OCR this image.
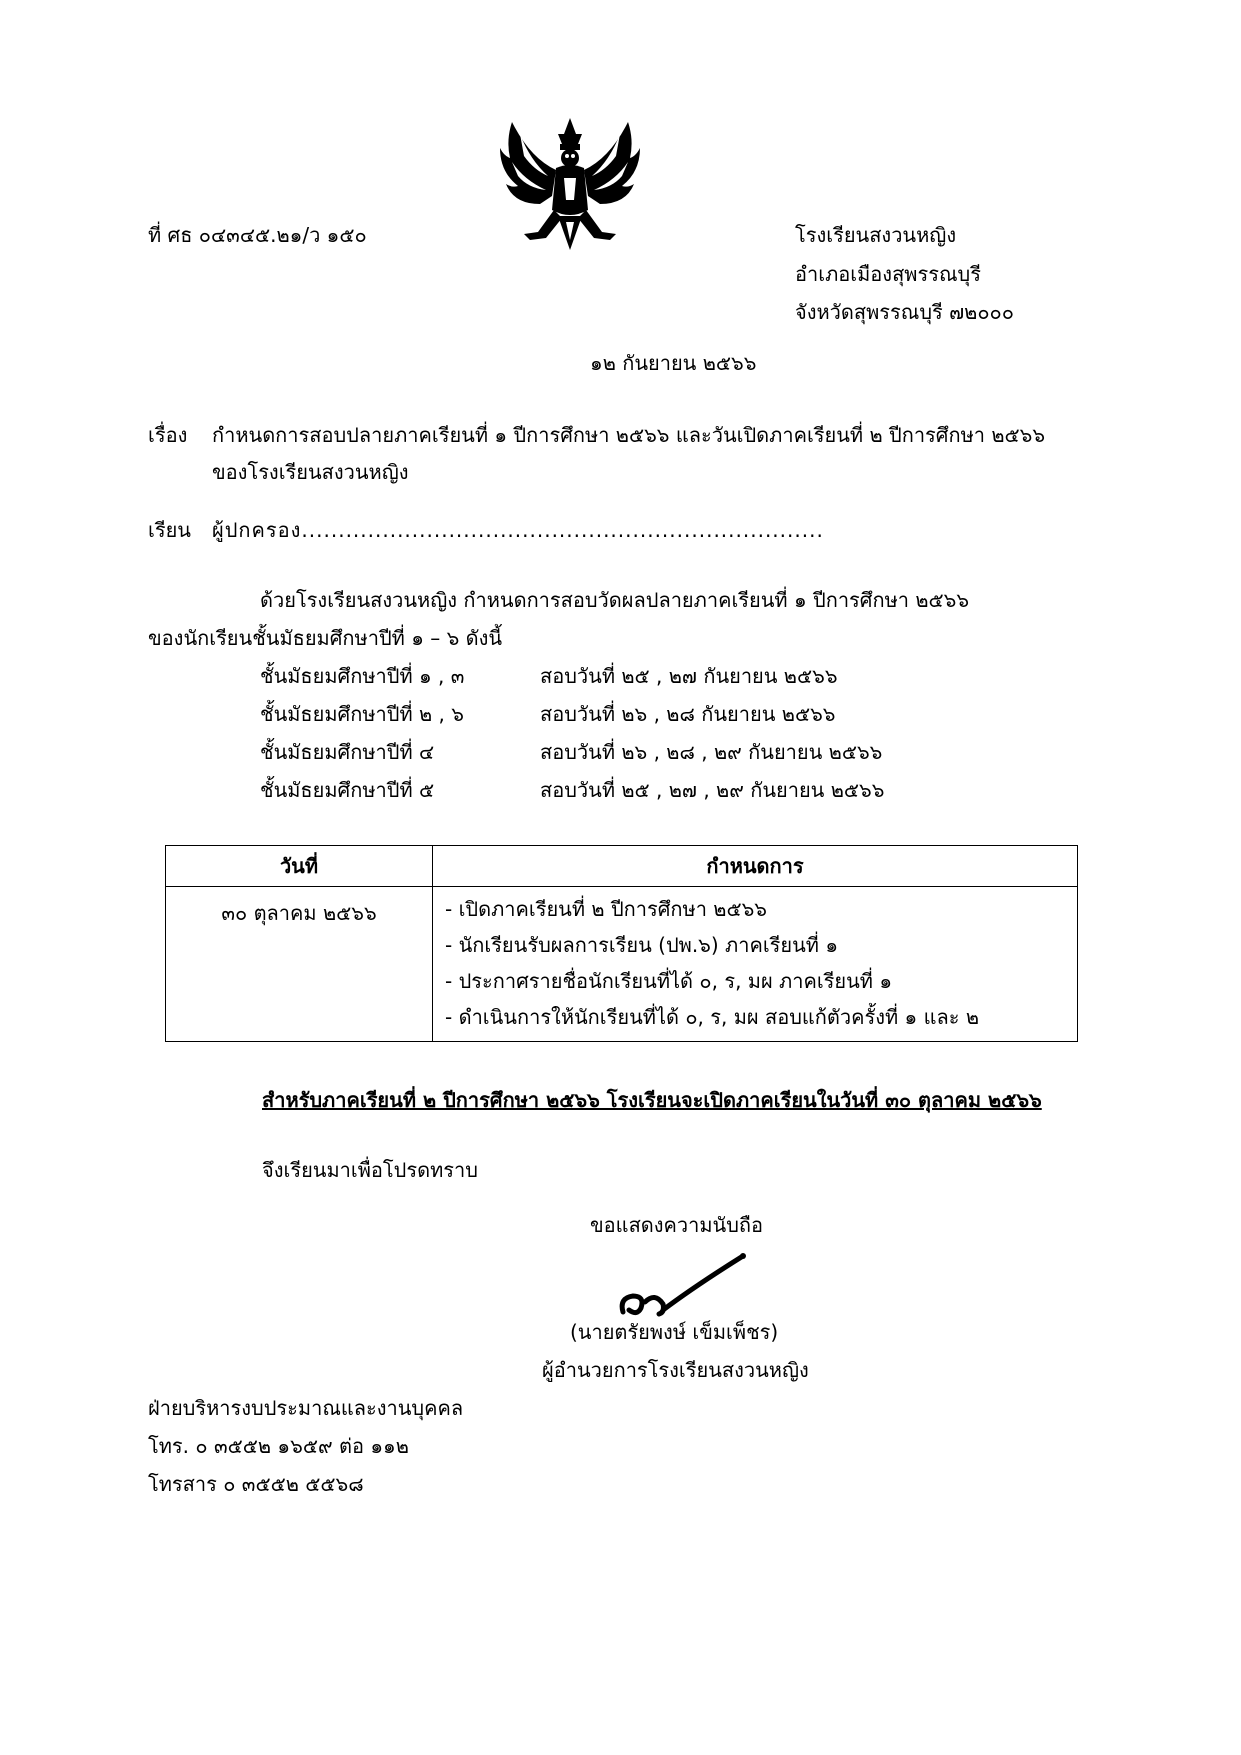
ที่ ศธ ๐๔๓๔๕.๒๑/ว ๑๕๐	โรงเรียนสงวนหญิง
อำเภอเมืองสุพรรณบุรี
จังหวัดสุพรรณบุรี ๗๒๐๐๐
๑๒ กันยายน ๒๕๖๖
เรื่อง กำหนดการสอบปลายภาคเรียนที่ ๑ ปีการศึกษา ๒๕๖๖ และวันเปิดภาคเรียนที่ ๒ ปีการศึกษา ๒๕๖๖
ของโรงเรียนสงวนหญิง
เรียน ผู้ปกครอง.......................................................................
ด้วยโรงเรียนสงวนหญิง กำหนดการสอบวัดผลปลายภาคเรียนที่ ๑ ปีการศึกษา ๒๕๖๖
ของนักเรียนชั้นมัธยมศึกษาปีที่ ๑ – ๖ ดังนี้
ชั้นมัธยมศึกษาปีที่ ๑ , ๓	สอบวันที่ ๒๕ , ๒๗ กันยายน ๒๕๖๖
ชั้นมัธยมศึกษาปีที่ ๒ , ๖	สอบวันที่ ๒๖ , ๒๘ กันยายน ๒๕๖๖
ชั้นมัธยมศึกษาปีที่ ๔	สอบวันที่ ๒๖ , ๒๘ , ๒๙ กันยายน ๒๕๖๖
ชั้นมัธยมศึกษาปีที่ ๕	สอบวันที่ ๒๕ , ๒๗ , ๒๙ กันยายน ๒๕๖๖
วันที่	กำหนดการ
๓๐ ตุลาคม ๒๕๖๖	- เปิดภาคเรียนที่ ๒ ปีการศึกษา ๒๕๖๖
- นักเรียนรับผลการเรียน (ปพ.๖) ภาคเรียนที่ ๑
- ประกาศรายชื่อนักเรียนที่ได้ ๐, ร, มผ ภาคเรียนที่ ๑
- ดำเนินการให้นักเรียนที่ได้ ๐, ร, มผ สอบแก้ตัวครั้งที่ ๑ และ ๒
สำหรับภาคเรียนที่ ๒ ปีการศึกษา ๒๕๖๖ โรงเรียนจะเปิดภาคเรียนในวันที่ ๓๐ ตุลาคม ๒๕๖๖
จึงเรียนมาเพื่อโปรดทราบ
ขอแสดงความนับถือ
(นายตรัยพงษ์ เข็มเพ็ชร)
ผู้อำนวยการโรงเรียนสงวนหญิง
ฝ่ายบริหารงบประมาณและงานบุคคล
โทร. ๐ ๓๕๕๒ ๑๖๕๙ ต่อ ๑๑๒
โทรสาร ๐ ๓๕๕๒ ๕๕๖๘
